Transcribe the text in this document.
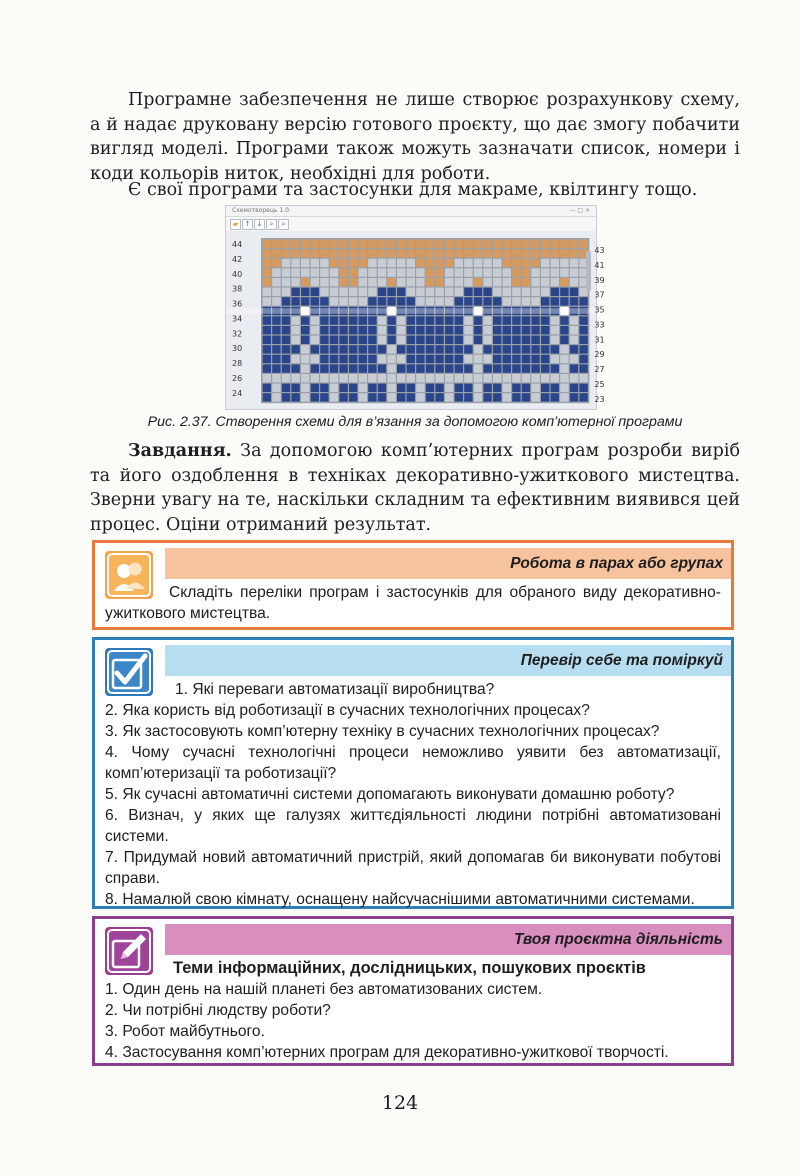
Програмне забезпечення не лише створює розрахункову схему, а й надає друковану версію готового проєкту, що дає змогу побачити вигляд моделі. Програми також можуть зазначати список, номери і коди кольорів ниток, необхідні для роботи.

Є свої програми та застосунки для макраме, квілтингу тощо.

Схемотворець 1.0	— □ ×
▰ ↑ ↓	⌕	⌕
44
42
40
38
36
34
32
30
28
26
24
43
41
39
37
35
33
31
29
27
25
23
Рис. 2.37. Створення схеми для в’язання за допомогою комп’ютерної програми

Завдання. За допомогою комп’ютерних програм розроби виріб та його оздоблення в техніках декоративно-ужиткового мистецтва. Зверни увагу на те, наскільки складним та ефективним виявився цей процес. Оціни отриманий результат.

Робота в парах або групах

Складіть переліки програм і застосунків для обраного виду декоративно-ужиткового мистецтва.

Перевір себе та поміркуй

1. Які переваги автоматизації виробництва?

2. Яка користь від роботизації в сучасних технологічних процесах?

3. Як застосовують комп’ютерну техніку в сучасних технологічних процесах?

4. Чому сучасні технологічні процеси неможливо уявити без автоматизації, комп’ютеризації та роботизації?

5. Як сучасні автоматичні системи допомагають виконувати домашню роботу?

6. Визнач, у яких ще галузях життєдіяльності людини потрібні автоматизовані системи.

7. Придумай новий автоматичний пристрій, який допомагав би виконувати побутові справи.

8. Намалюй свою кімнату, оснащену найсучаснішими автоматичними системами.

Твоя проєктна діяльність

Теми інформаційних, дослідницьких, пошукових проєктів

1. Один день на нашій планеті без автоматизованих систем.

2. Чи потрібні людству роботи?

3. Робот майбутнього.

4. Застосування комп’ютерних програм для декоративно-ужиткової творчості.

124
